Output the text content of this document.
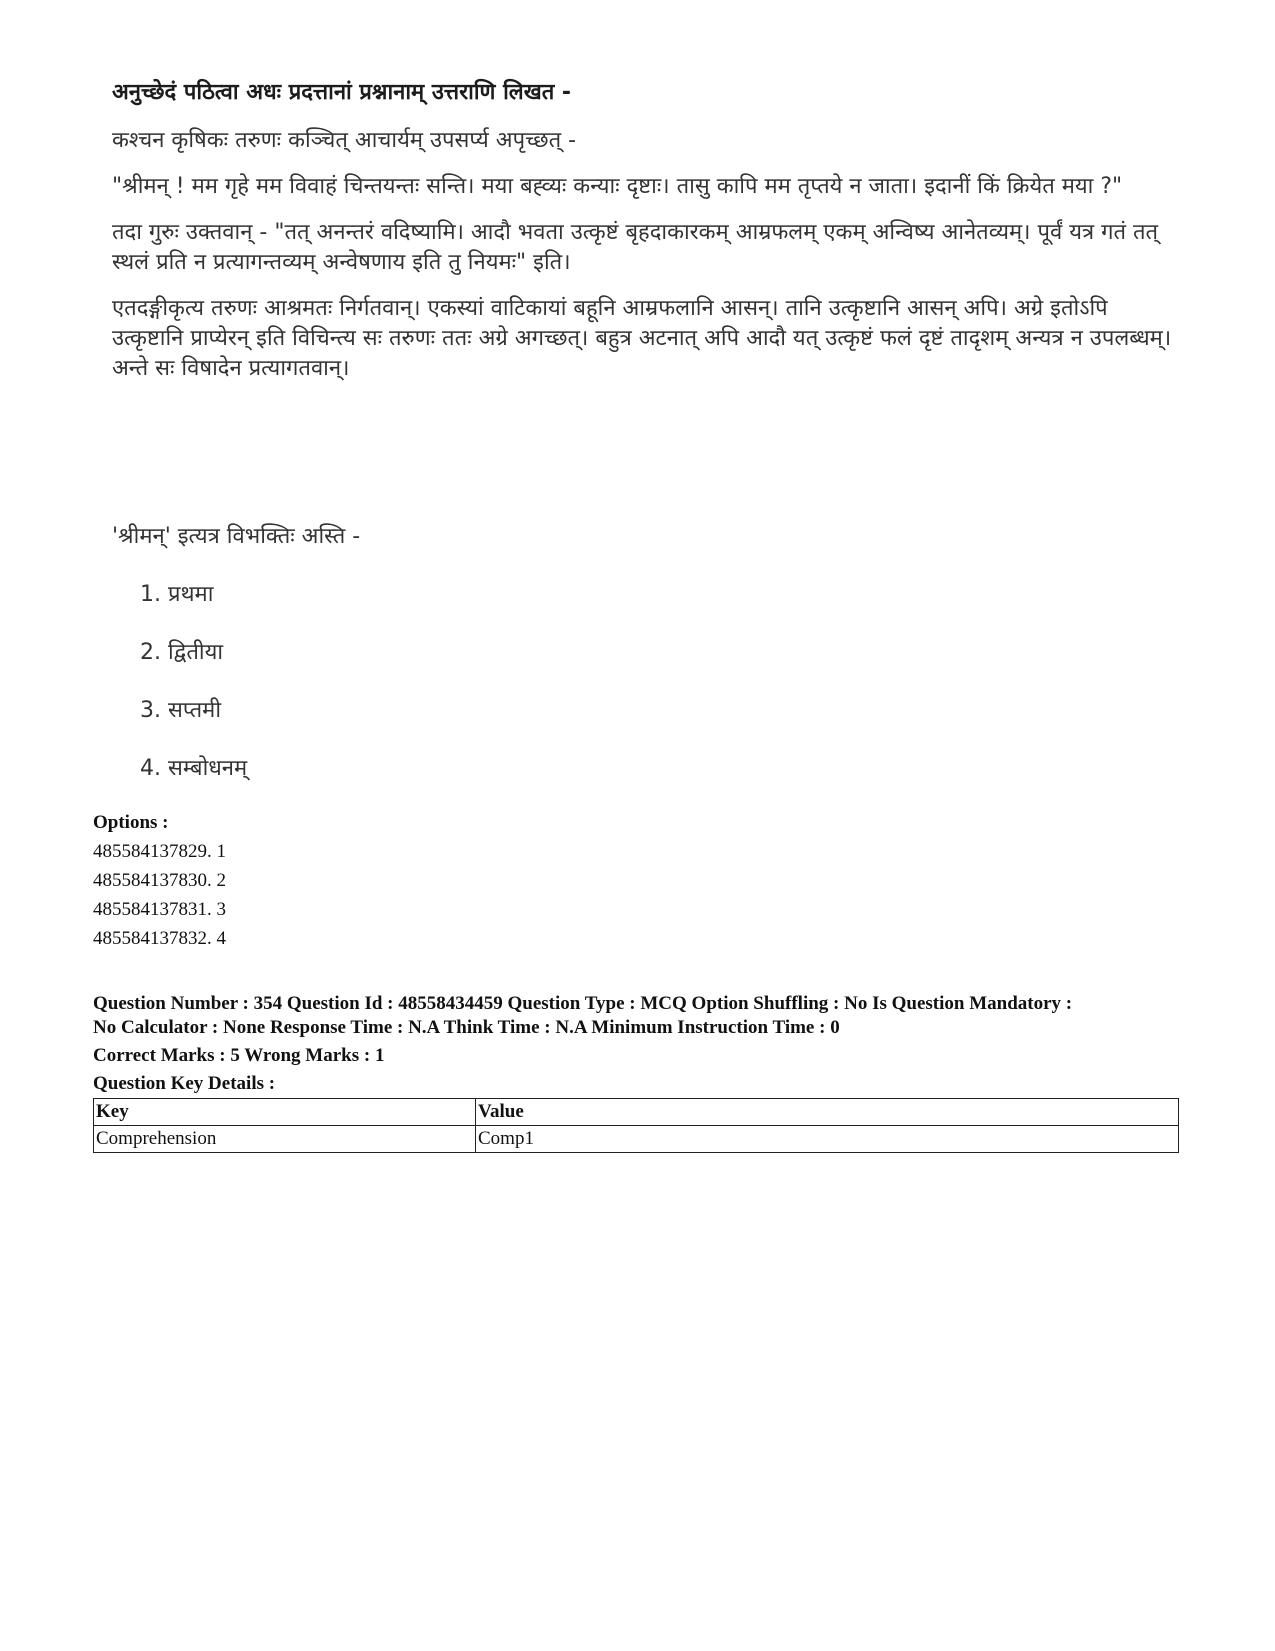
अनुच्छेदं पठित्वा अधः प्रदत्तानां प्रश्नानाम् उत्तराणि लिखत -

कश्चन कृषिकः तरुणः कञ्चित् आचार्यम् उपसर्प्य अपृच्छत् -

"श्रीमन् ! मम गृहे मम विवाहं चिन्तयन्तः सन्ति। मया बह्व्यः कन्याः दृष्टाः। तासु कापि मम तृप्तये न जाता। इदानीं किं क्रियेत मया ?"

तदा गुरुः उक्तवान् - "तत् अनन्तरं वदिष्यामि। आदौ भवता उत्कृष्टं बृहदाकारकम् आम्रफलम् एकम् अन्विष्य आनेतव्यम्। पूर्वं यत्र गतं तत् स्थलं प्रति न प्रत्यागन्तव्यम् अन्वेषणाय इति तु नियमः" इति।

एतदङ्गीकृत्य तरुणः आश्रमतः निर्गतवान्। एकस्यां वाटिकायां बहूनि आम्रफलानि आसन्। तानि उत्कृष्टानि आसन् अपि। अग्रे इतोऽपि उत्कृष्टानि प्राप्येरन् इति विचिन्त्य सः तरुणः ततः अग्रे अगच्छत्। बहुत्र अटनात् अपि आदौ यत् उत्कृष्टं फलं दृष्टं तादृशम् अन्यत्र न उपलब्धम्। अन्ते सः विषादेन प्रत्यागतवान्।

'श्रीमन्' इत्यत्र विभक्तिः अस्ति -
1. प्रथमा
2. द्वितीया
3. सप्तमी
4. सम्बोधनम्
Options :
485584137829. 1
485584137830. 2
485584137831. 3
485584137832. 4

Question Number : 354 Question Id : 48558434459 Question Type : MCQ Option Shuffling : No Is Question Mandatory :

No Calculator : None Response Time : N.A Think Time : N.A Minimum Instruction Time : 0

Correct Marks : 5 Wrong Marks : 1

Question Key Details :

Key	Value
Comprehension	Comp1
